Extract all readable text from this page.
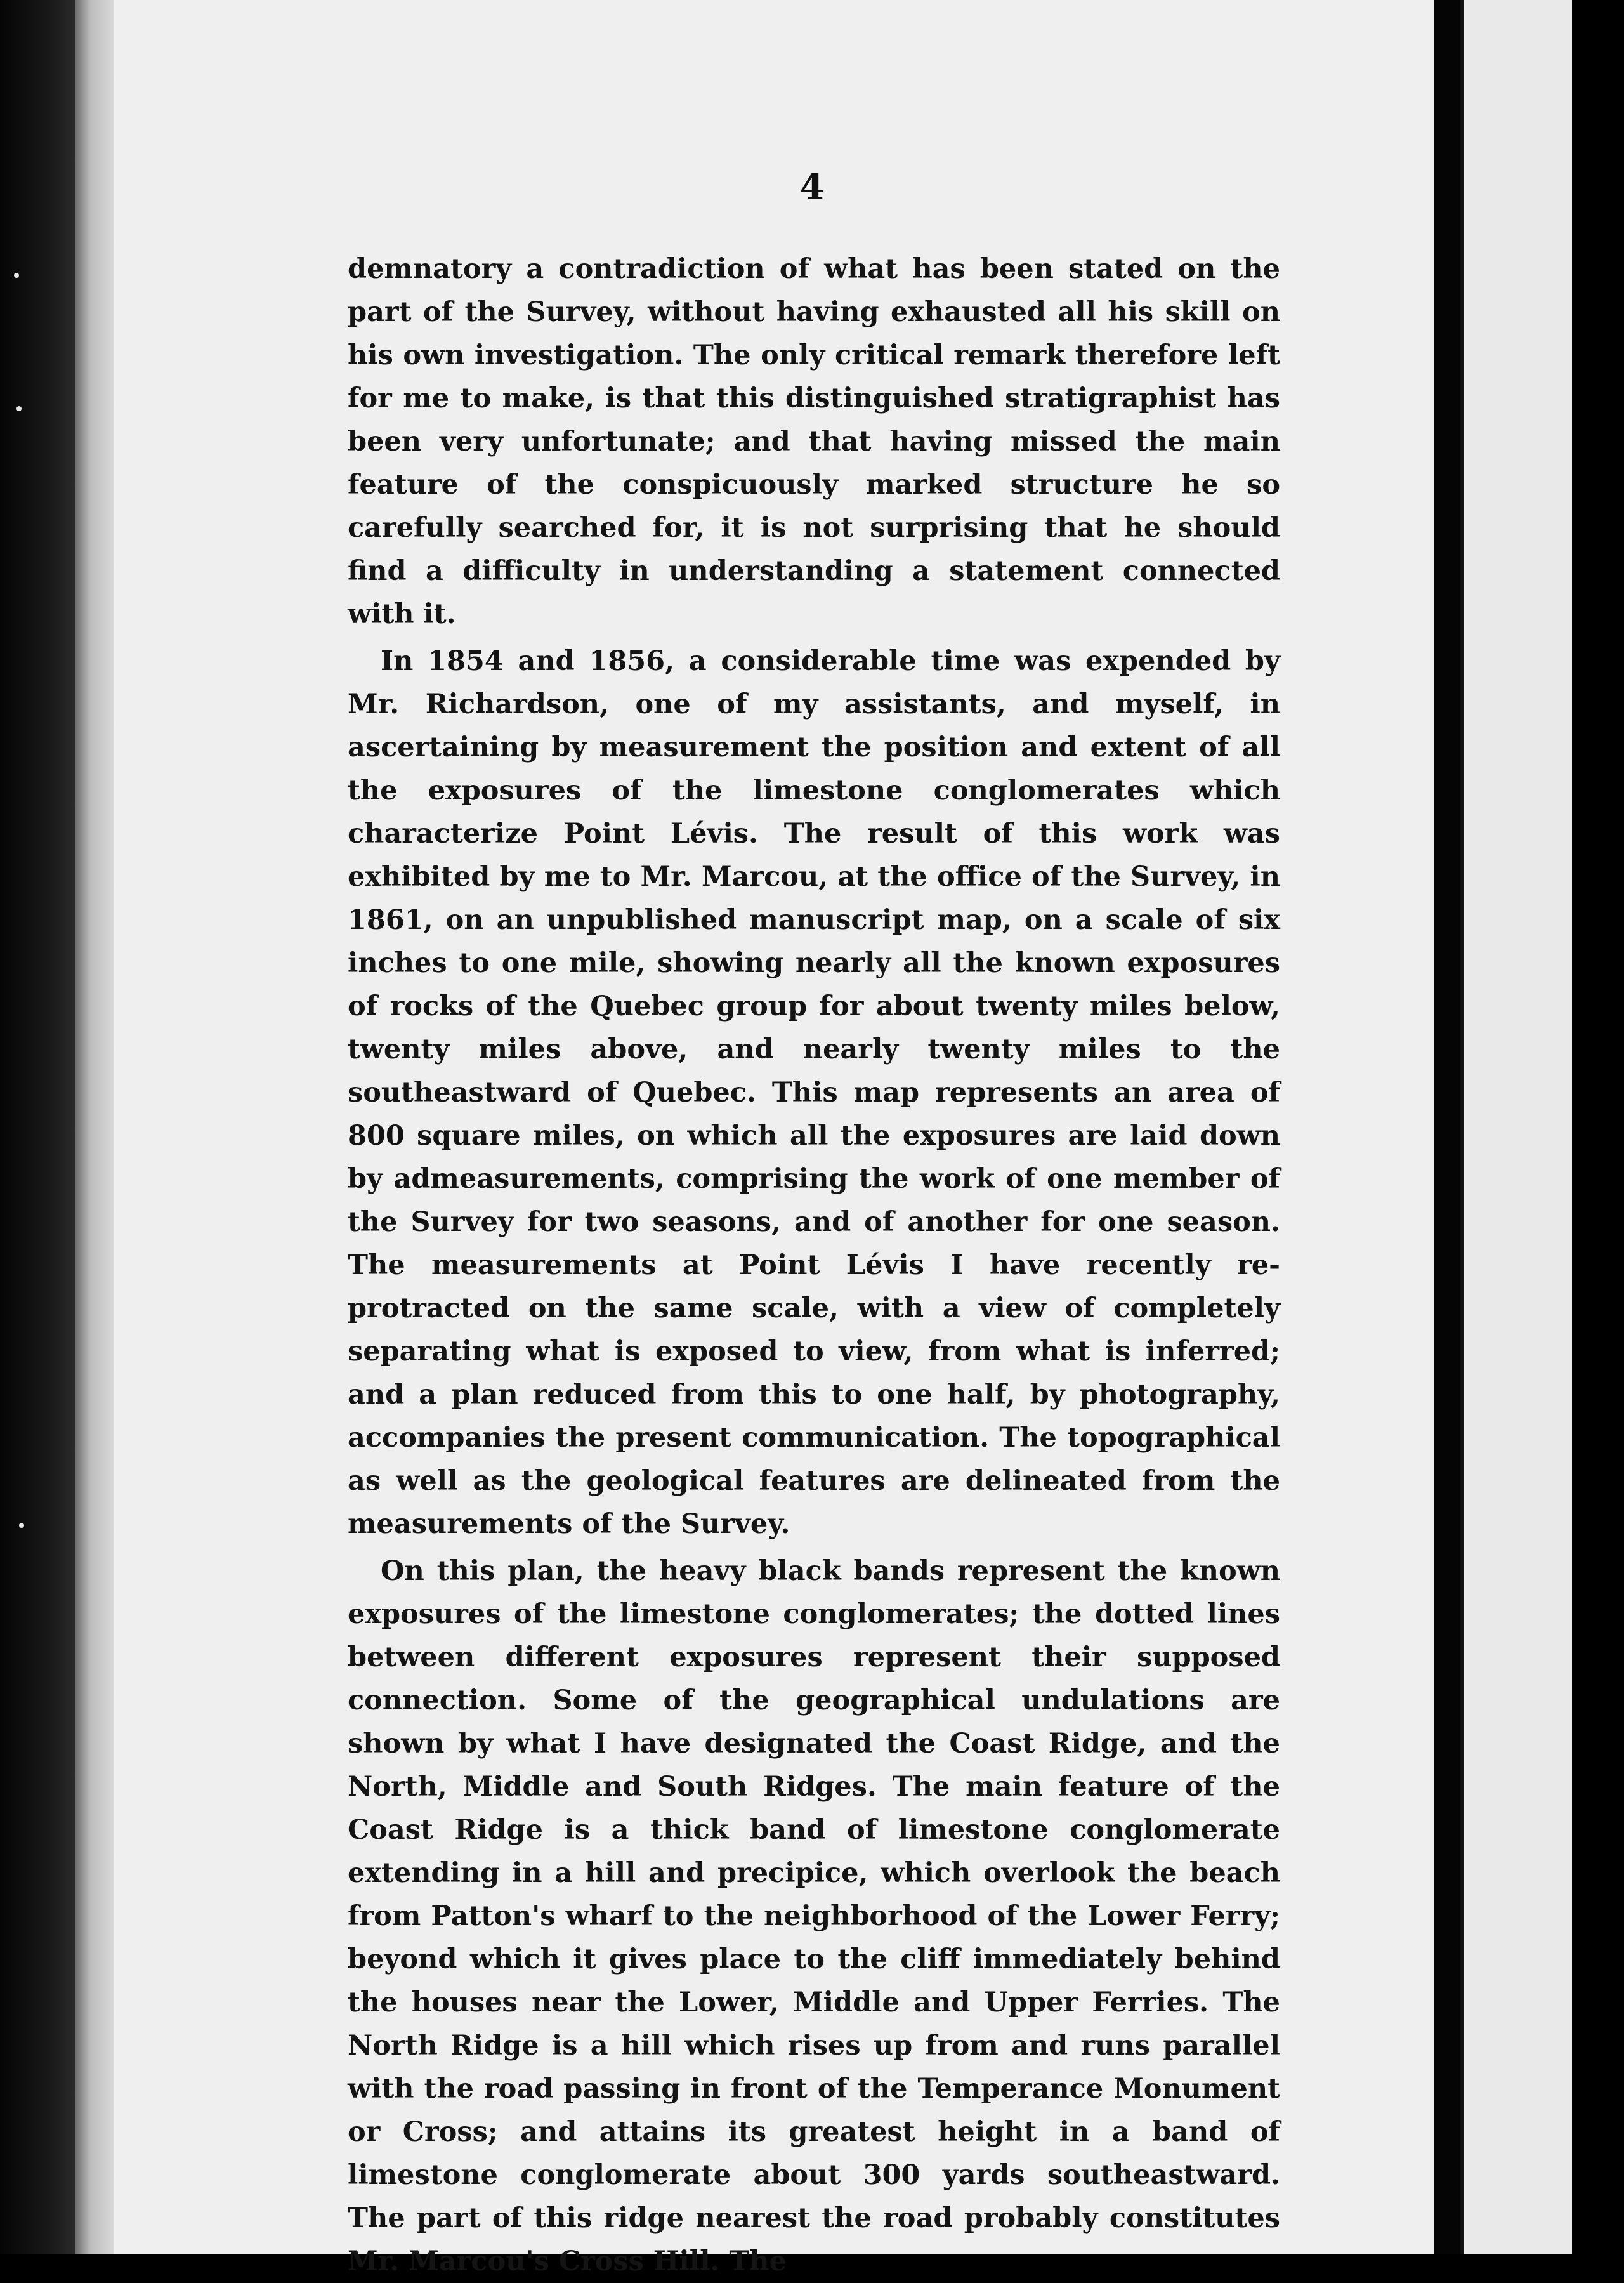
4

demnatory a contradiction of what has been stated on the part of the Survey, without having exhausted all his skill on his own investigation. The only critical remark therefore left for me to make, is that this distinguished stratigraphist has been very unfortunate; and that having missed the main feature of the conspicuously marked structure he so carefully searched for, it is not surprising that he should find a difficulty in understanding a statement connected with it.

In 1854 and 1856, a considerable time was expended by Mr. Richardson, one of my assistants, and myself, in ascertaining by measurement the position and extent of all the exposures of the limestone conglomerates which characterize Point Lévis. The result of this work was exhibited by me to Mr. Marcou, at the office of the Survey, in 1861, on an unpublished manuscript map, on a scale of six inches to one mile, showing nearly all the known exposures of rocks of the Quebec group for about twenty miles below, twenty miles above, and nearly twenty miles to the southeastward of Quebec. This map represents an area of 800 square miles, on which all the exposures are laid down by admeasurements, comprising the work of one member of the Survey for two seasons, and of another for one season. The measurements at Point Lévis I have recently re-protracted on the same scale, with a view of completely separating what is exposed to view, from what is inferred; and a plan reduced from this to one half, by photography, accompanies the present communication. The topographical as well as the geological features are delineated from the measurements of the Survey.

On this plan, the heavy black bands represent the known exposures of the limestone conglomerates; the dotted lines between different exposures represent their supposed connection. Some of the geographical undulations are shown by what I have designated the Coast Ridge, and the North, Middle and South Ridges. The main feature of the Coast Ridge is a thick band of limestone conglomerate extending in a hill and precipice, which overlook the beach from Patton's wharf to the neighborhood of the Lower Ferry; beyond which it gives place to the cliff immediately behind the houses near the Lower, Middle and Upper Ferries. The North Ridge is a hill which rises up from and runs parallel with the road passing in front of the Temperance Monument or Cross; and attains its greatest height in a band of limestone conglomerate about 300 yards southeastward. The part of this ridge nearest the road probably constitutes Mr. Marcou's Cross Hill. The
